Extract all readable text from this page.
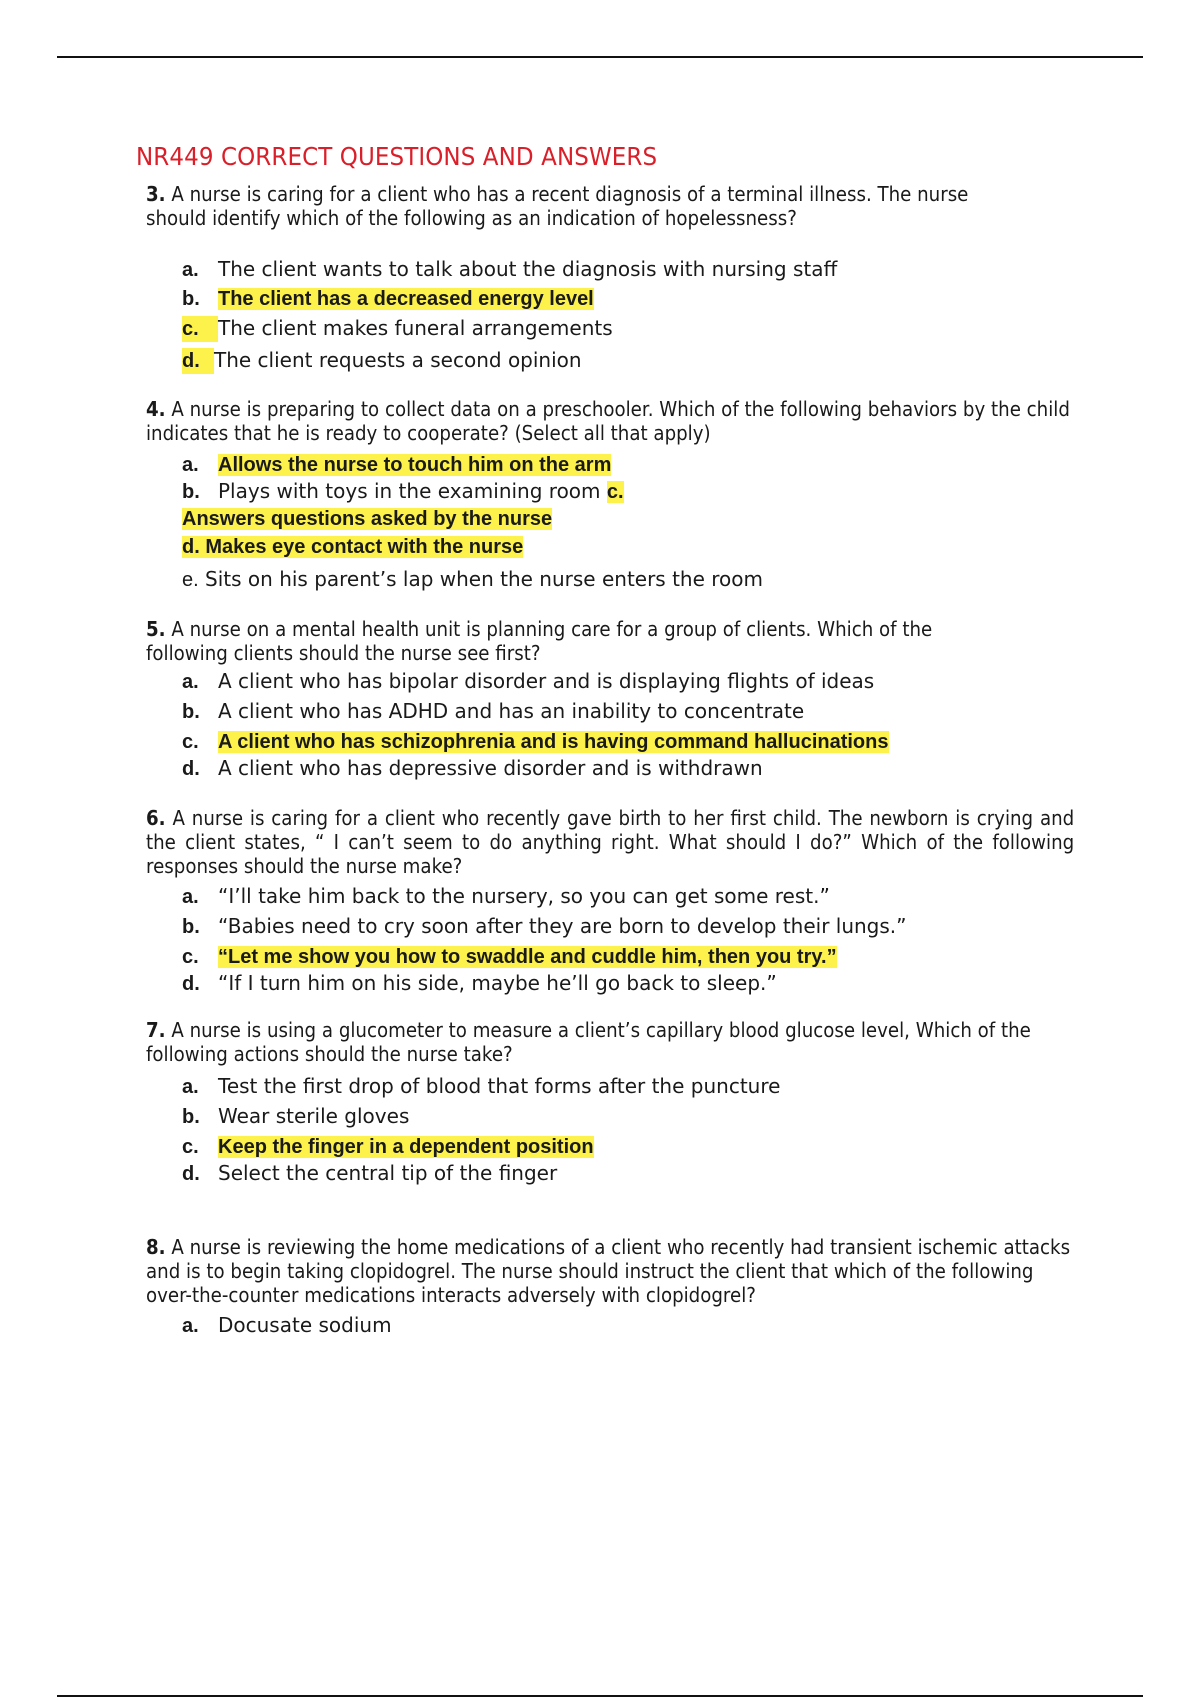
NR449 CORRECT QUESTIONS AND ANSWERS

3. A nurse is caring for a client who has a recent diagnosis of a terminal illness. The nurse should identify which of the following as an indication of hopelessness?

a. The client wants to talk about the diagnosis with nursing staff
b. The client has a decreased energy level
c. The client makes funeral arrangements
d. The client requests a second opinion

4. A nurse is preparing to collect data on a preschooler. Which of the following behaviors by the child indicates that he is ready to cooperate? (Select all that apply)

a. Allows the nurse to touch him on the arm
b. Plays with toys in the examining room c.
Answers questions asked by the nurse
d. Makes eye contact with the nurse
e. Sits on his parent’s lap when the nurse enters the room

5. A nurse on a mental health unit is planning care for a group of clients. Which of the following clients should the nurse see first?

a. A client who has bipolar disorder and is displaying flights of ideas
b. A client who has ADHD and has an inability to concentrate
c. A client who has schizophrenia and is having command hallucinations
d. A client who has depressive disorder and is withdrawn

6. A nurse is caring for a client who recently gave birth to her first child. The newborn is crying and the client states, “ I can’t seem to do anything right. What should I do?” Which of the following responses should the nurse make?

a. “I’ll take him back to the nursery, so you can get some rest.”
b. “Babies need to cry soon after they are born to develop their lungs.”
c. “Let me show you how to swaddle and cuddle him, then you try.”
d. “If I turn him on his side, maybe he’ll go back to sleep.”

7. A nurse is using a glucometer to measure a client’s capillary blood glucose level, Which of the following actions should the nurse take?

a. Test the first drop of blood that forms after the puncture
b. Wear sterile gloves
c. Keep the finger in a dependent position
d. Select the central tip of the finger

8. A nurse is reviewing the home medications of a client who recently had transient ischemic attacks and is to begin taking clopidogrel. The nurse should instruct the client that which of the following over-the-counter medications interacts adversely with clopidogrel?

a. Docusate sodium
